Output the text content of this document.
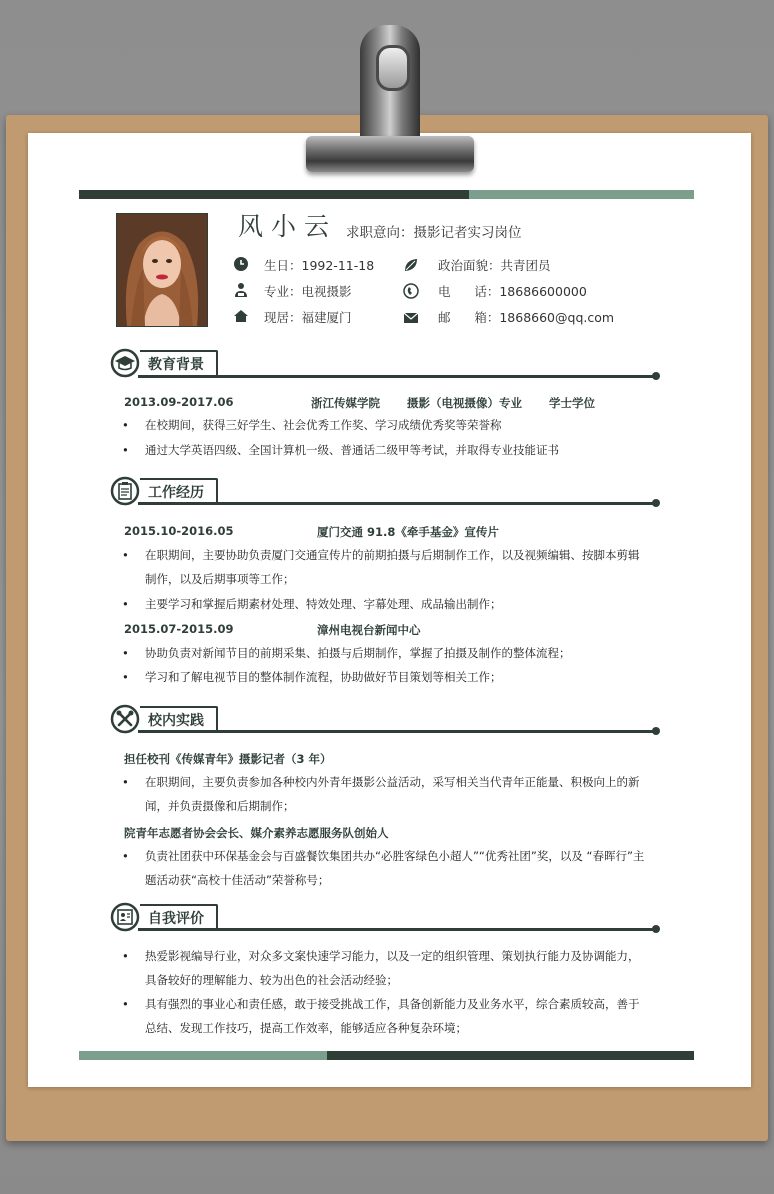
风小云 求职意向：摄影记者实习岗位
生日：1992-11-18
专业：电视摄影
现居：福建厦门
政治面貌：共青团员
电      话：18686600000
邮      箱：1868660@qq.com
教育背景
2013.09-2017.06	浙江传媒学院 摄影（电视摄像）专业 学士学位
•	在校期间，获得三好学生、社会优秀工作奖、学习成绩优秀奖等荣誉称
•	通过大学英语四级、全国计算机一级、普通话二级甲等考试，并取得专业技能证书
工作经历
2015.10-2016.05	厦门交通 91.8《牵手基金》宣传片
•	在职期间，主要协助负责厦门交通宣传片的前期拍摄与后期制作工作，以及视频编辑、按脚本剪辑制作，以及后期事项等工作；
•	主要学习和掌握后期素材处理、特效处理、字幕处理、成品输出制作；
2015.07-2015.09	漳州电视台新闻中心
•	协助负责对新闻节目的前期采集、拍摄与后期制作，掌握了拍摄及制作的整体流程；
•	学习和了解电视节目的整体制作流程，协助做好节目策划等相关工作；
校内实践
担任校刊《传媒青年》摄影记者（3 年）
•	在职期间，主要负责参加各种校内外青年摄影公益活动，采写相关当代青年正能量、积极向上的新闻，并负责摄像和后期制作；
院青年志愿者协会会长、媒介素养志愿服务队创始人
•	负责社团获中环保基金会与百盛餐饮集团共办“必胜客绿色小超人”“优秀社团”奖，以及 “春晖行”主题活动获“高校十佳活动”荣誉称号；
自我评价
•	热爱影视编导行业，对众多文案快速学习能力，以及一定的组织管理、策划执行能力及协调能力，具备较好的理解能力、较为出色的社会活动经验；
•	具有强烈的事业心和责任感，敢于接受挑战工作，具备创新能力及业务水平，综合素质较高，善于总结、发现工作技巧，提高工作效率，能够适应各种复杂环境；
